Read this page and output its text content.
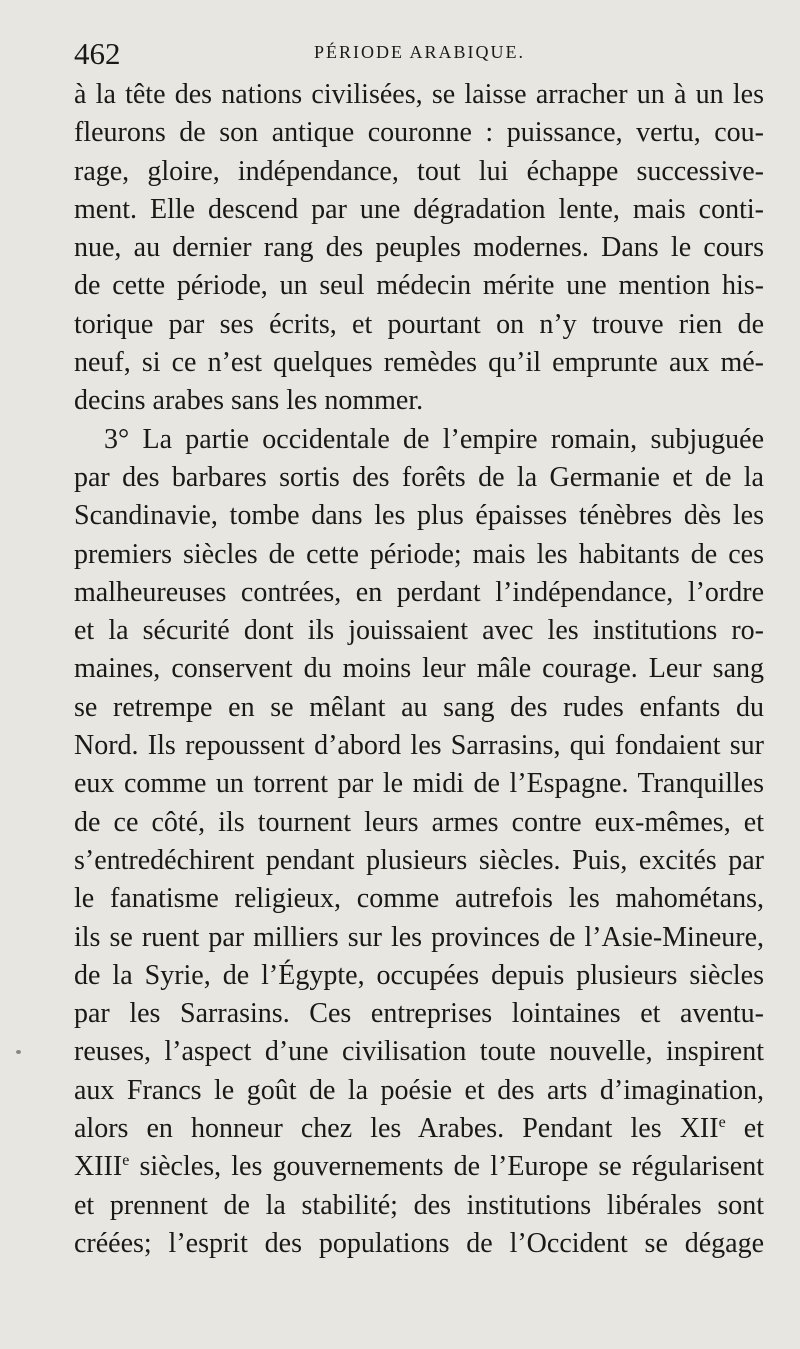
462	PÉRIODE ARABIQUE.
à la tête des nations civilisées, se laisse arracher un à un les
fleurons de son antique couronne : puissance, vertu, cou-
rage, gloire, indépendance, tout lui échappe successive-
ment. Elle descend par une dégradation lente, mais conti-
nue, au dernier rang des peuples modernes. Dans le cours
de cette période, un seul médecin mérite une mention his-
torique par ses écrits, et pourtant on n’y trouve rien de
neuf, si ce n’est quelques remèdes qu’il emprunte aux mé-
decins arabes sans les nommer.
3° La partie occidentale de l’empire romain, subjuguée
par des barbares sortis des forêts de la Germanie et de la
Scandinavie, tombe dans les plus épaisses ténèbres dès les
premiers siècles de cette période; mais les habitants de ces
malheureuses contrées, en perdant l’indépendance, l’ordre
et la sécurité dont ils jouissaient avec les institutions ro-
maines, conservent du moins leur mâle courage. Leur sang
se retrempe en se mêlant au sang des rudes enfants du
Nord. Ils repoussent d’abord les Sarrasins, qui fondaient sur
eux comme un torrent par le midi de l’Espagne. Tranquilles
de ce côté, ils tournent leurs armes contre eux-mêmes, et
s’entredéchirent pendant plusieurs siècles. Puis, excités par
le fanatisme religieux, comme autrefois les mahométans,
ils se ruent par milliers sur les provinces de l’Asie-Mineure,
de la Syrie, de l’Égypte, occupées depuis plusieurs siècles
par les Sarrasins. Ces entreprises lointaines et aventu-
reuses, l’aspect d’une civilisation toute nouvelle, inspirent
aux Francs le goût de la poésie et des arts d’imagination,
alors en honneur chez les Arabes. Pendant les XIIe et
XIIIe siècles, les gouvernements de l’Europe se régularisent
et prennent de la stabilité; des institutions libérales sont
créées; l’esprit des populations de l’Occident se dégage
